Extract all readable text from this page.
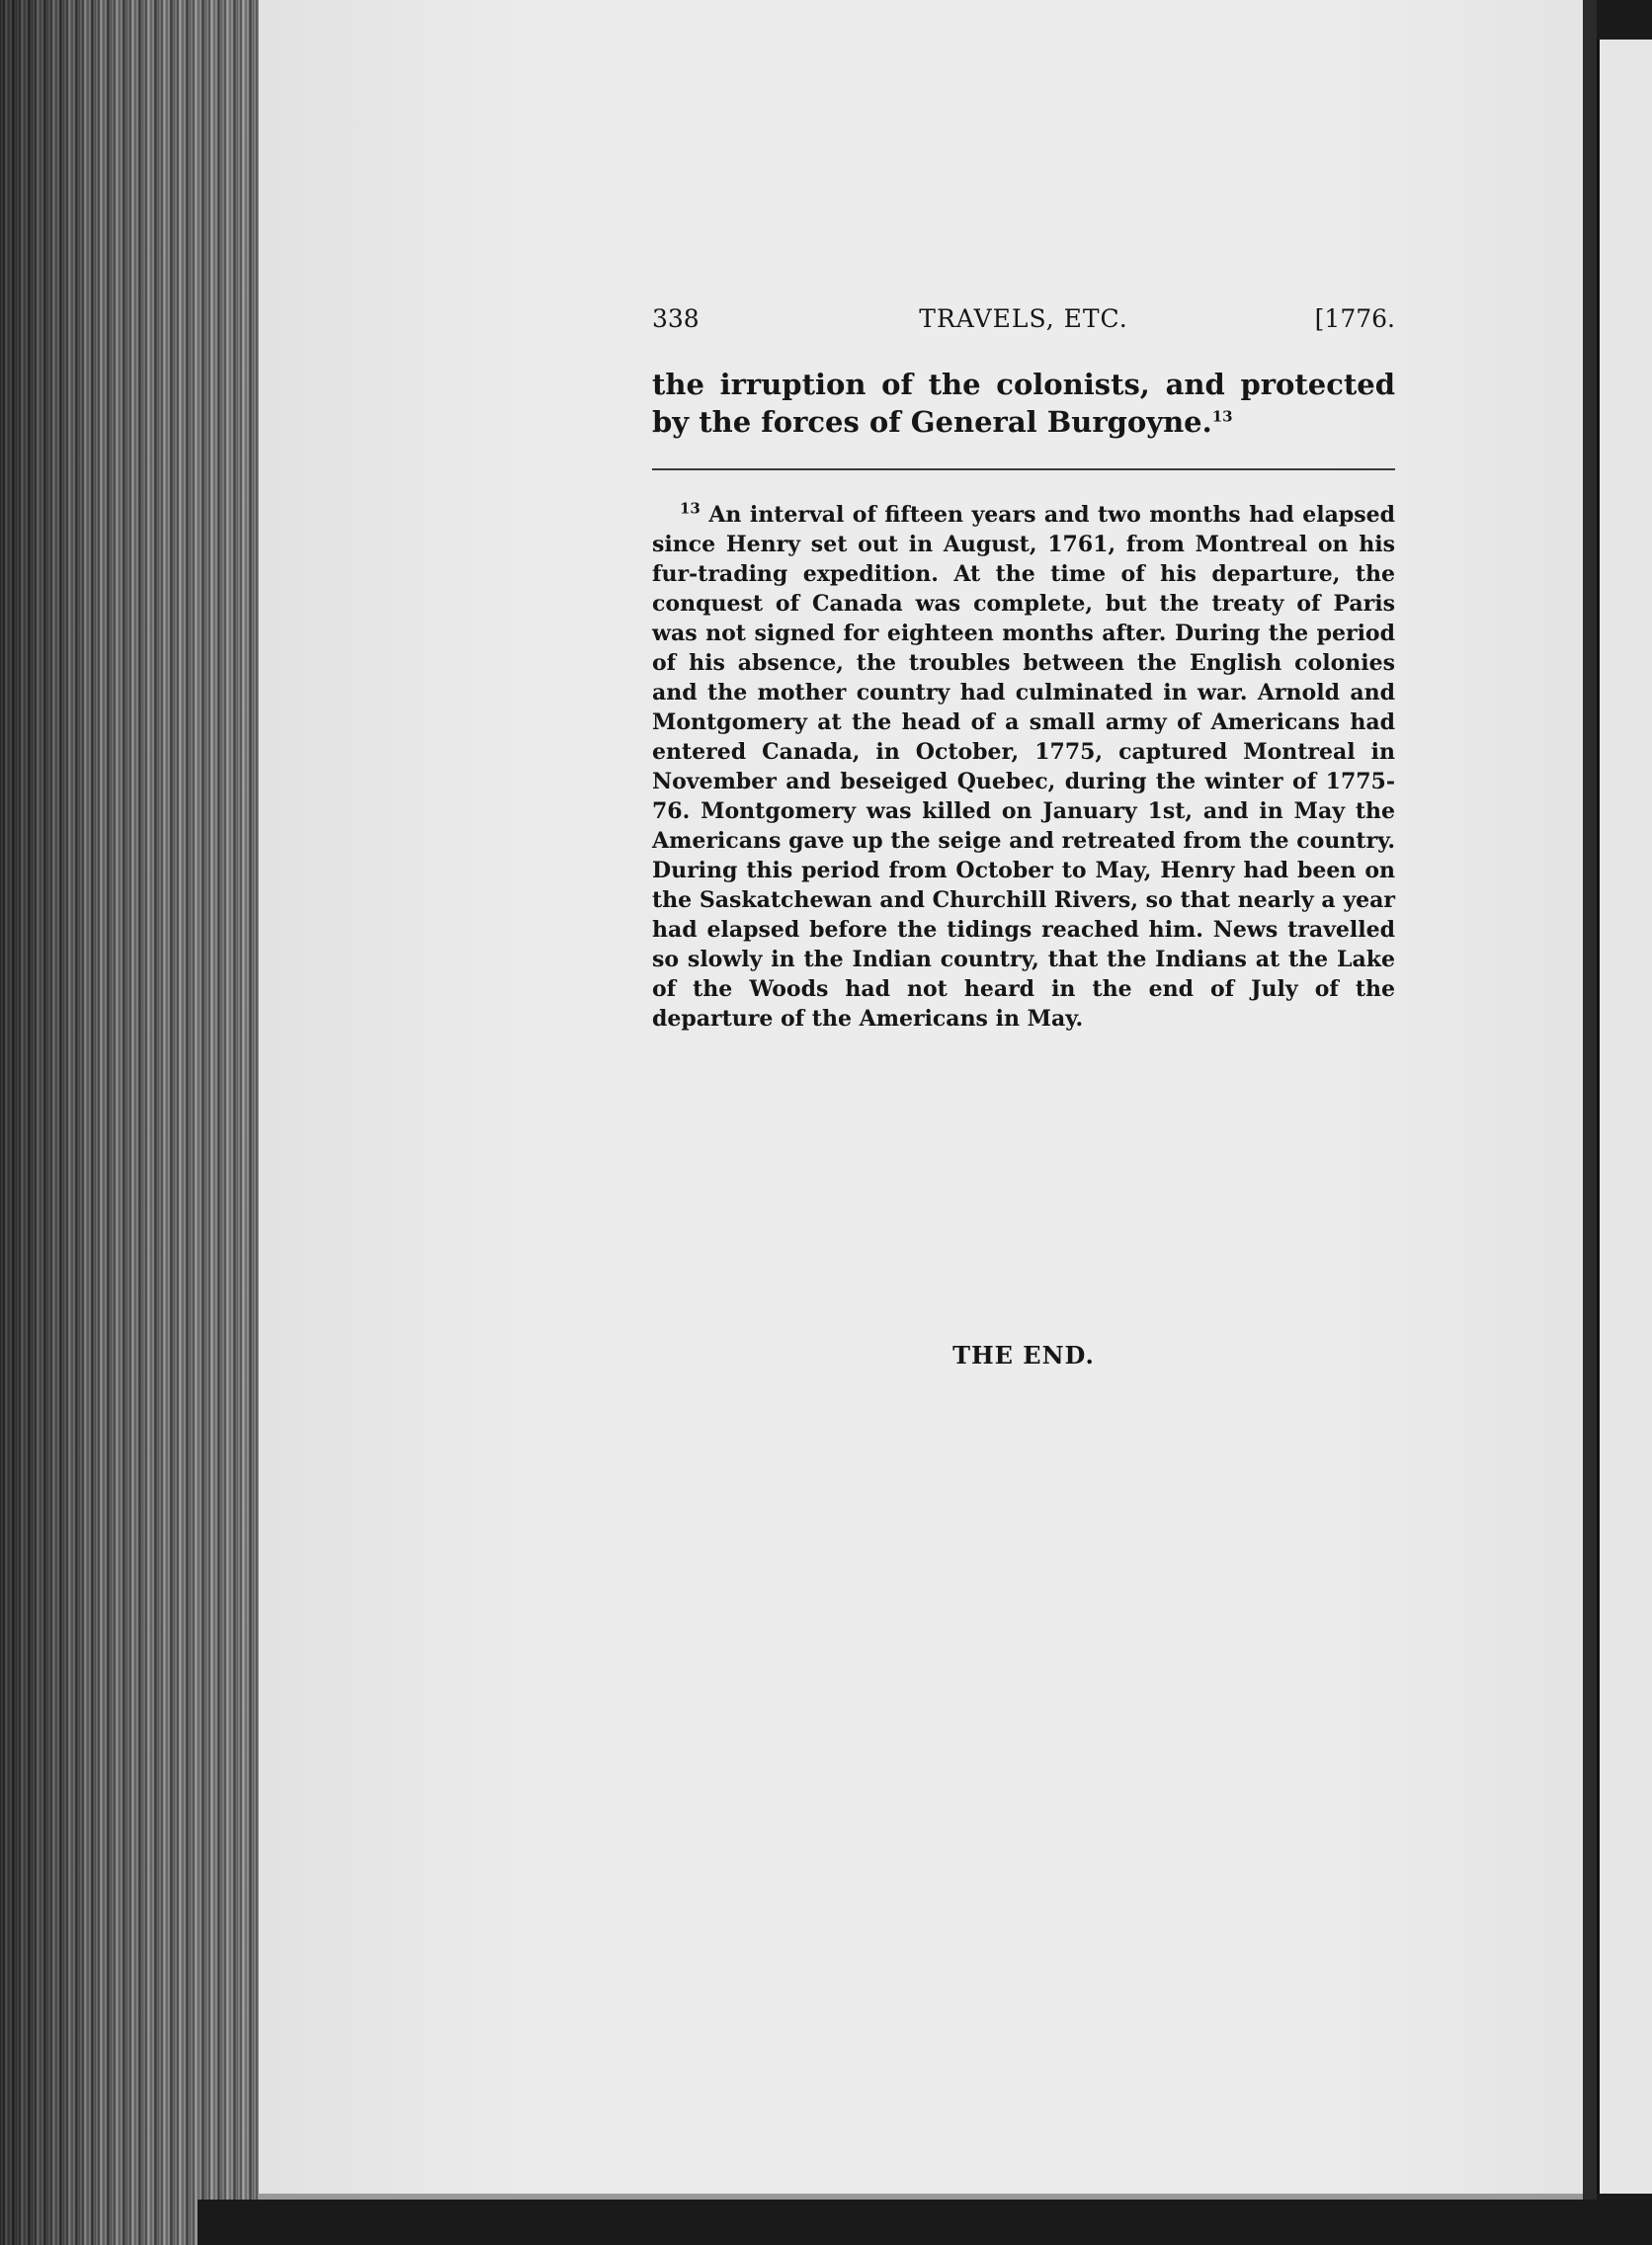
338	TRAVELS, ETC.	[1776.

the irruption of the colonists, and protected by the forces of General Burgoyne.$^{13}$

$^{13}$ An interval of fifteen years and two months had elapsed since Henry set out in August, 1761, from Montreal on his fur-trading expedition. At the time of his departure, the conquest of Canada was complete, but the treaty of Paris was not signed for eighteen months after. During the period of his absence, the troubles between the English colonies and the mother country had culminated in war. Arnold and Montgomery at the head of a small army of Americans had entered Canada, in October, 1775, captured Montreal in November and beseiged Quebec, during the winter of 1775-76. Montgomery was killed on January 1st, and in May the Americans gave up the seige and retreated from the country. During this period from October to May, Henry had been on the Saskatchewan and Churchill Rivers, so that nearly a year had elapsed before the tidings reached him. News travelled so slowly in the Indian country, that the Indians at the Lake of the Woods had not heard in the end of July of the departure of the Americans in May.

THE END.
